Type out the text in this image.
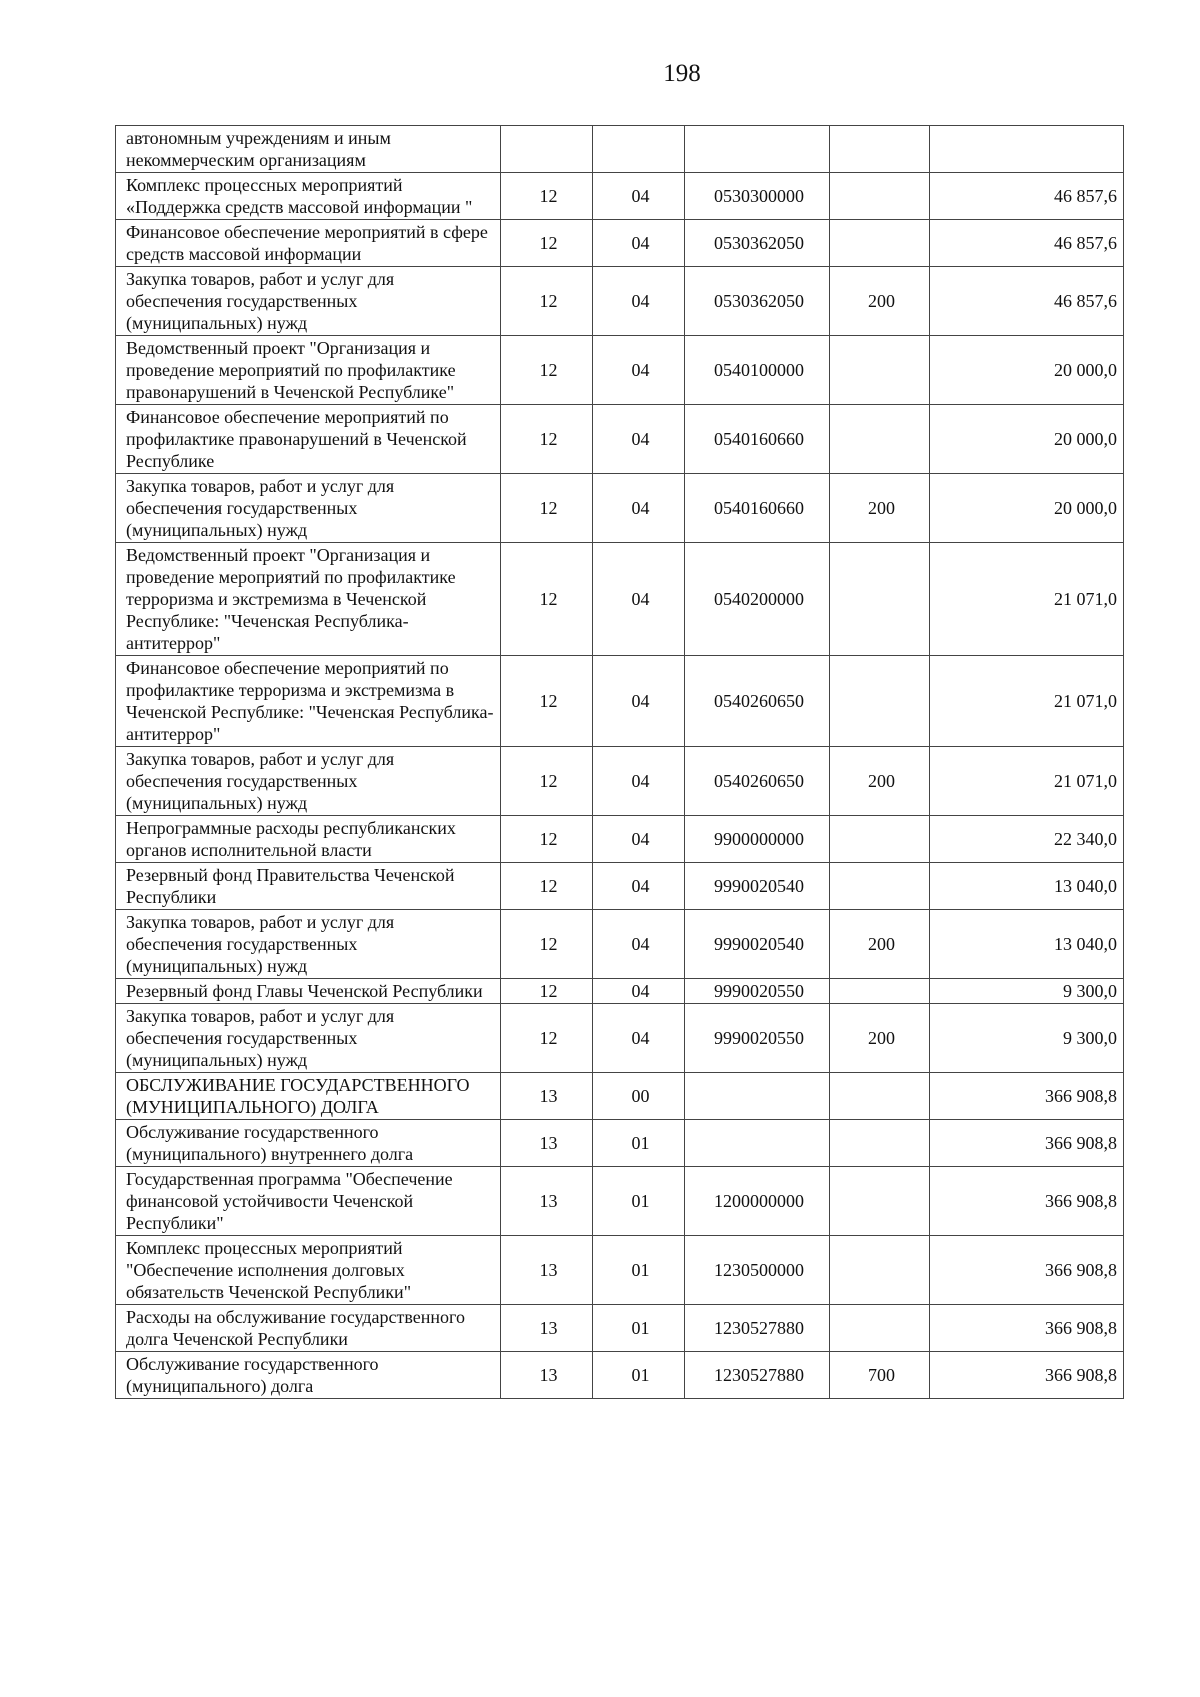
198
автономным учреждениям и иным некоммерческим организациям					
Комплекс процессных мероприятий «Поддержка средств массовой информации "	12	04	0530300000		46 857,6
Финансовое обеспечение мероприятий в сфере средств массовой информации	12	04	0530362050		46 857,6
Закупка товаров, работ и услуг для обеспечения государственных (муниципальных) нужд	12	04	0530362050	200	46 857,6
Ведомственный проект "Организация и проведение мероприятий по профилактике правонарушений в Чеченской Республике"	12	04	0540100000		20 000,0
Финансовое обеспечение мероприятий по профилактике правонарушений в Чеченской Республике	12	04	0540160660		20 000,0
Закупка товаров, работ и услуг для обеспечения государственных (муниципальных) нужд	12	04	0540160660	200	20 000,0
Ведомственный проект "Организация и проведение мероприятий по профилактике терроризма и экстремизма в Чеченской Республике: "Чеченская Республика-антитеррор"	12	04	0540200000		21 071,0
Финансовое обеспечение мероприятий по профилактике терроризма и экстремизма в Чеченской Республике: "Чеченская Республика-антитеррор"	12	04	0540260650		21 071,0
Закупка товаров, работ и услуг для обеспечения государственных (муниципальных) нужд	12	04	0540260650	200	21 071,0
Непрограммные расходы республиканских органов исполнительной власти	12	04	9900000000		22 340,0
Резервный фонд Правительства Чеченской Республики	12	04	9990020540		13 040,0
Закупка товаров, работ и услуг для обеспечения государственных (муниципальных) нужд	12	04	9990020540	200	13 040,0
Резервный фонд Главы Чеченской Республики	12	04	9990020550		9 300,0
Закупка товаров, работ и услуг для обеспечения государственных (муниципальных) нужд	12	04	9990020550	200	9 300,0
ОБСЛУЖИВАНИЕ ГОСУДАРСТВЕННОГО (МУНИЦИПАЛЬНОГО) ДОЛГА	13	00			366 908,8
Обслуживание государственного (муниципального) внутреннего долга	13	01			366 908,8
Государственная программа "Обеспечение финансовой устойчивости Чеченской Республики"	13	01	1200000000		366 908,8
Комплекс процессных мероприятий "Обеспечение исполнения долговых обязательств Чеченской Республики"	13	01	1230500000		366 908,8
Расходы на обслуживание государственного долга Чеченской Республики	13	01	1230527880		366 908,8
Обслуживание государственного (муниципального) долга	13	01	1230527880	700	366 908,8
